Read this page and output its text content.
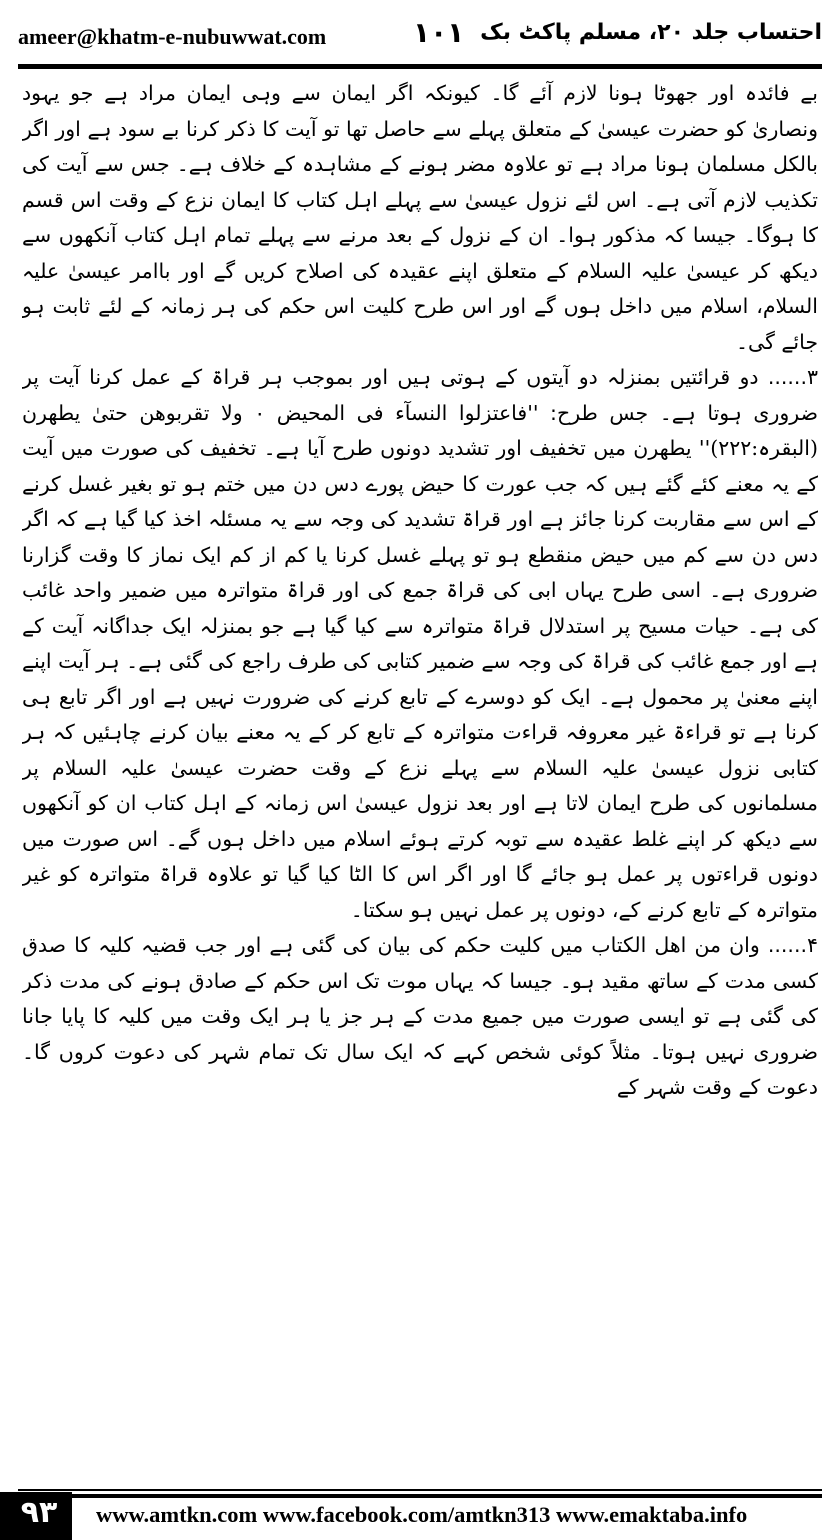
ameer@khatm-e-nubuwwat.com	۱۰۱ احتساب جلد ۲۰، مسلم پاکٹ بک

بے فائدہ اور جھوٹا ہونا لازم آئے گا۔ کیونکہ اگر ایمان سے وہی ایمان مراد ہے جو یہود ونصاریٰ کو حضرت عیسیٰ کے متعلق پہلے سے حاصل تھا تو آیت کا ذکر کرنا بے سود ہے اور اگر بالکل مسلمان ہونا مراد ہے تو علاوہ مضر ہونے کے مشاہدہ کے خلاف ہے۔ جس سے آیت کی تکذیب لازم آتی ہے۔ اس لئے نزول عیسیٰ سے پہلے اہل کتاب کا ایمان نزع کے وقت اس قسم کا ہوگا۔ جیسا کہ مذکور ہوا۔ ان کے نزول کے بعد مرنے سے پہلے تمام اہل کتاب آنکھوں سے دیکھ کر عیسیٰ علیہ السلام کے متعلق اپنے عقیدہ کی اصلاح کریں گے اور باامر عیسیٰ علیہ السلام، اسلام میں داخل ہوں گے اور اس طرح کلیت اس حکم کی ہر زمانہ کے لئے ثابت ہو جائے گی۔

۳...... دو قرائتیں بمنزلہ دو آیتوں کے ہوتی ہیں اور بموجب ہر قراۃ کے عمل کرنا آیت پر ضروری ہوتا ہے۔ جس طرح: ''فاعتزلوا النسآء فی المحیض ۰ ولا تقربوھن حتیٰ یطھرن (البقرہ:۲۲۲)'' یطھرن میں تخفیف اور تشدید دونوں طرح آیا ہے۔ تخفیف کی صورت میں آیت کے یہ معنے کئے گئے ہیں کہ جب عورت کا حیض پورے دس دن میں ختم ہو تو بغیر غسل کرنے کے اس سے مقاربت کرنا جائز ہے اور قراۃ تشدید کی وجہ سے یہ مسئلہ اخذ کیا گیا ہے کہ اگر دس دن سے کم میں حیض منقطع ہو تو پہلے غسل کرنا یا کم از کم ایک نماز کا وقت گزارنا ضروری ہے۔ اسی طرح یہاں ابی کی قراۃ جمع کی اور قراۃ متواترہ میں ضمیر واحد غائب کی ہے۔ حیات مسیح پر استدلال قراۃ متواترہ سے کیا گیا ہے جو بمنزلہ ایک جداگانہ آیت کے ہے اور جمع غائب کی قراۃ کی وجہ سے ضمیر کتابی کی طرف راجع کی گئی ہے۔ ہر آیت اپنے اپنے معنیٰ پر محمول ہے۔ ایک کو دوسرے کے تابع کرنے کی ضرورت نہیں ہے اور اگر تابع ہی کرنا ہے تو قراءۃ غیر معروفہ قراءت متواترہ کے تابع کر کے یہ معنے بیان کرنے چاہئیں کہ ہر کتابی نزول عیسیٰ علیہ السلام سے پہلے نزع کے وقت حضرت عیسیٰ علیہ السلام پر مسلمانوں کی طرح ایمان لاتا ہے اور بعد نزول عیسیٰ اس زمانہ کے اہل کتاب ان کو آنکھوں سے دیکھ کر اپنے غلط عقیدہ سے توبہ کرتے ہوئے اسلام میں داخل ہوں گے۔ اس صورت میں دونوں قراءتوں پر عمل ہو جائے گا اور اگر اس کا الٹا کیا گیا تو علاوہ قراۃ متواترہ کو غیر متواترہ کے تابع کرنے کے، دونوں پر عمل نہیں ہو سکتا۔

۴...... وان من اھل الکتاب میں کلیت حکم کی بیان کی گئی ہے اور جب قضیہ کلیہ کا صدق کسی مدت کے ساتھ مقید ہو۔ جیسا کہ یہاں موت تک اس حکم کے صادق ہونے کی مدت ذکر کی گئی ہے تو ایسی صورت میں جمیع مدت کے ہر جز یا ہر ایک وقت میں کلیہ کا پایا جانا ضروری نہیں ہوتا۔ مثلاً کوئی شخص کہے کہ ایک سال تک تمام شہر کی دعوت کروں گا۔ دعوت کے وقت شہر کے

۹۳	www.amtkn.com www.facebook.com/amtkn313 www.emaktaba.info
